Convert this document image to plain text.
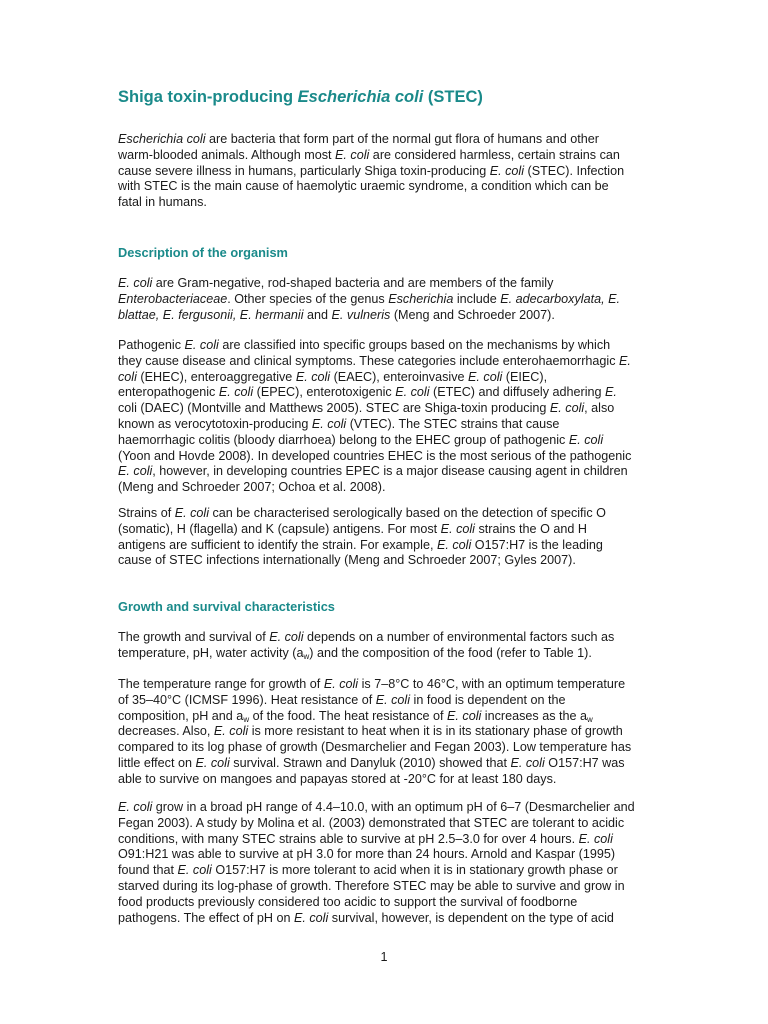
Shiga toxin-producing Escherichia coli (STEC)
Escherichia coli are bacteria that form part of the normal gut flora of humans and other
warm-blooded animals. Although most E. coli are considered harmless, certain strains can
cause severe illness in humans, particularly Shiga toxin-producing E. coli (STEC). Infection
with STEC is the main cause of haemolytic uraemic syndrome, a condition which can be
fatal in humans.
Description of the organism
E. coli are Gram-negative, rod-shaped bacteria and are members of the family
Enterobacteriaceae. Other species of the genus Escherichia include E. adecarboxylata, E.
blattae, E. fergusonii, E. hermanii and E. vulneris (Meng and Schroeder 2007).
Pathogenic E. coli are classified into specific groups based on the mechanisms by which
they cause disease and clinical symptoms. These categories include enterohaemorrhagic E.
coli (EHEC), enteroaggregative E. coli (EAEC), enteroinvasive E. coli (EIEC),
enteropathogenic E. coli (EPEC), enterotoxigenic E. coli (ETEC) and diffusely adhering E.
coli (DAEC) (Montville and Matthews 2005). STEC are Shiga-toxin producing E. coli, also
known as verocytotoxin-producing E. coli (VTEC). The STEC strains that cause
haemorrhagic colitis (bloody diarrhoea) belong to the EHEC group of pathogenic E. coli
(Yoon and Hovde 2008). In developed countries EHEC is the most serious of the pathogenic
E. coli, however, in developing countries EPEC is a major disease causing agent in children
(Meng and Schroeder 2007; Ochoa et al. 2008).
Strains of E. coli can be characterised serologically based on the detection of specific O
(somatic), H (flagella) and K (capsule) antigens. For most E. coli strains the O and H
antigens are sufficient to identify the strain. For example, E. coli O157:H7 is the leading
cause of STEC infections internationally (Meng and Schroeder 2007; Gyles 2007).
Growth and survival characteristics
The growth and survival of E. coli depends on a number of environmental factors such as
temperature, pH, water activity $(a_w)$ and the composition of the food (refer to Table 1).
The temperature range for growth of E. coli is 7–8°C to 46°C, with an optimum temperature
of 35–40°C (ICMSF 1996). Heat resistance of E. coli in food is dependent on the
composition, pH and $a_w$ of the food. The heat resistance of E. coli increases as the $a_w$
decreases. Also, E. coli is more resistant to heat when it is in its stationary phase of growth
compared to its log phase of growth (Desmarchelier and Fegan 2003). Low temperature has
little effect on E. coli survival. Strawn and Danyluk (2010) showed that E. coli O157:H7 was
able to survive on mangoes and papayas stored at -20°C for at least 180 days.
E. coli grow in a broad pH range of 4.4–10.0, with an optimum pH of 6–7 (Desmarchelier and
Fegan 2003). A study by Molina et al. (2003) demonstrated that STEC are tolerant to acidic
conditions, with many STEC strains able to survive at pH 2.5–3.0 for over 4 hours. E. coli
O91:H21 was able to survive at pH 3.0 for more than 24 hours. Arnold and Kaspar (1995)
found that E. coli O157:H7 is more tolerant to acid when it is in stationary growth phase or
starved during its log-phase of growth. Therefore STEC may be able to survive and grow in
food products previously considered too acidic to support the survival of foodborne
pathogens. The effect of pH on E. coli survival, however, is dependent on the type of acid
1
